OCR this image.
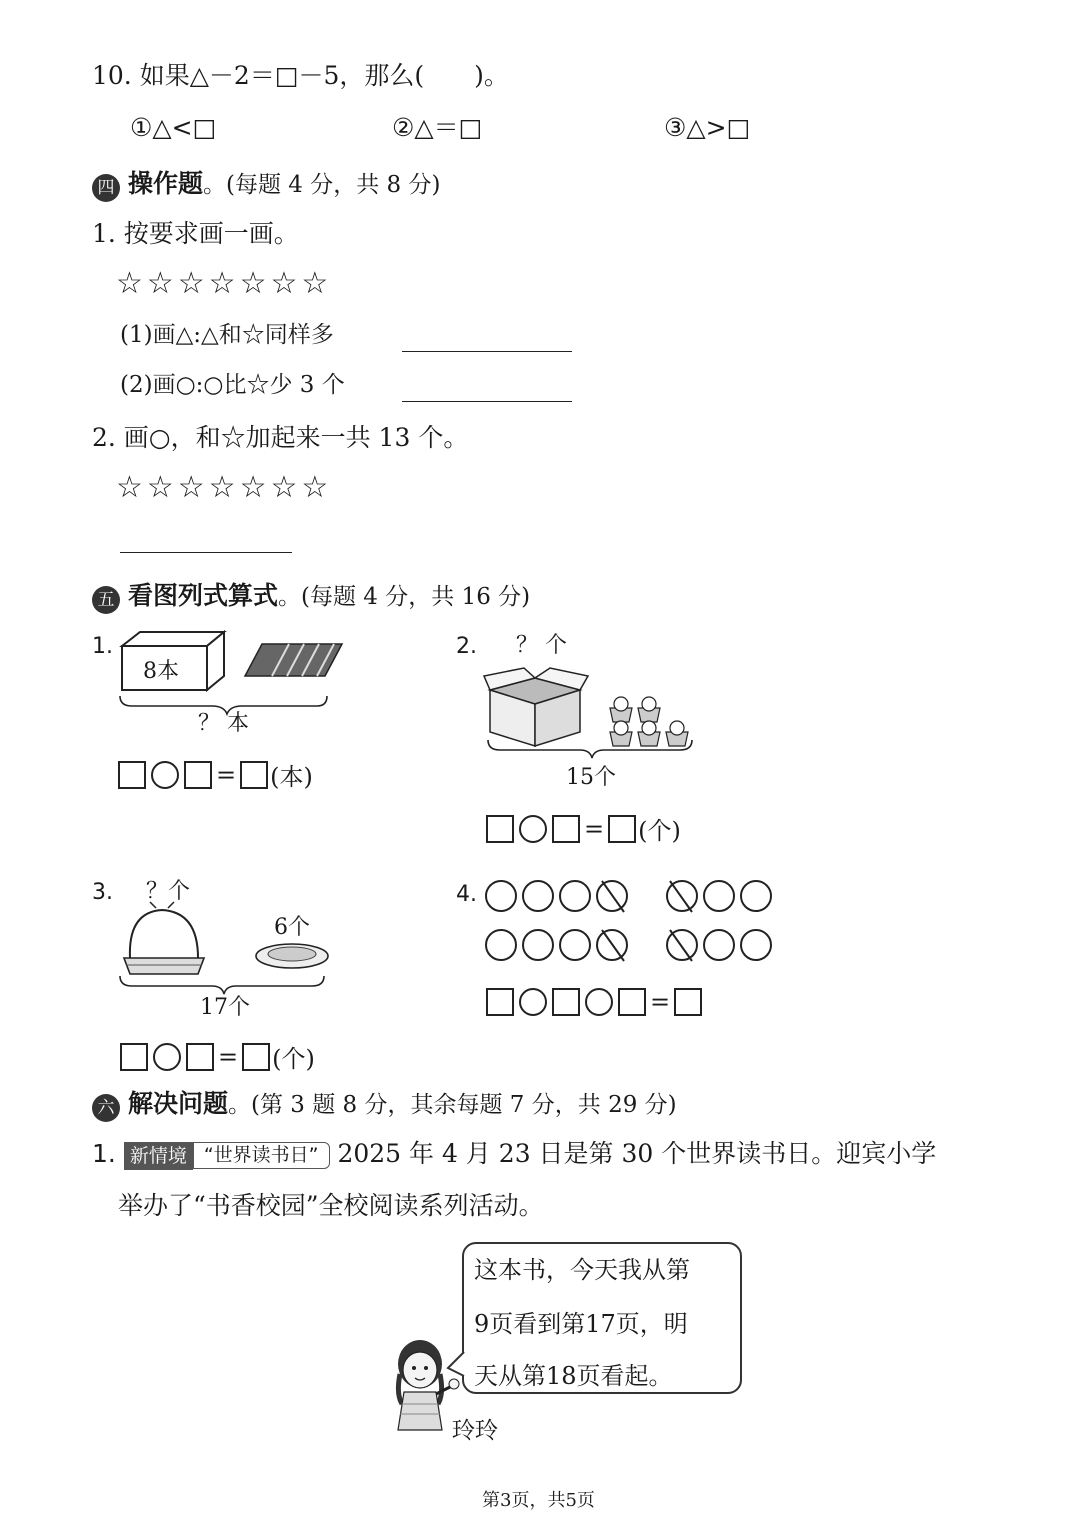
10. 如果△－2＝□－5，那么(　　)。
①△<□	②△＝□	③△>□
四 操作题。(每题 4 分，共 8 分)
1. 按要求画一画。
☆☆☆☆☆☆☆
(1)画△:△和☆同样多
(2)画○:○比☆少 3 个
2. 画○，和☆加起来一共 13 个。
☆☆☆☆☆☆☆
五 看图列式算式。(每题 4 分，共 16 分)
1.
8本
？ 本
= (本)
2. ？ 个
15个
= (个)
3. ？个
6个
17个
= (个)
4.
=
六 解决问题。(第 3 题 8 分，其余每题 7 分，共 29 分)
1. 新情境 “世界读书日” 2025 年 4 月 23 日是第 30 个世界读书日。迎宾小学
举办了“书香校园”全校阅读系列活动。
这本书，今天我从第
9页看到第17页，明
天从第18页看起。
玲玲
第3页，共5页
